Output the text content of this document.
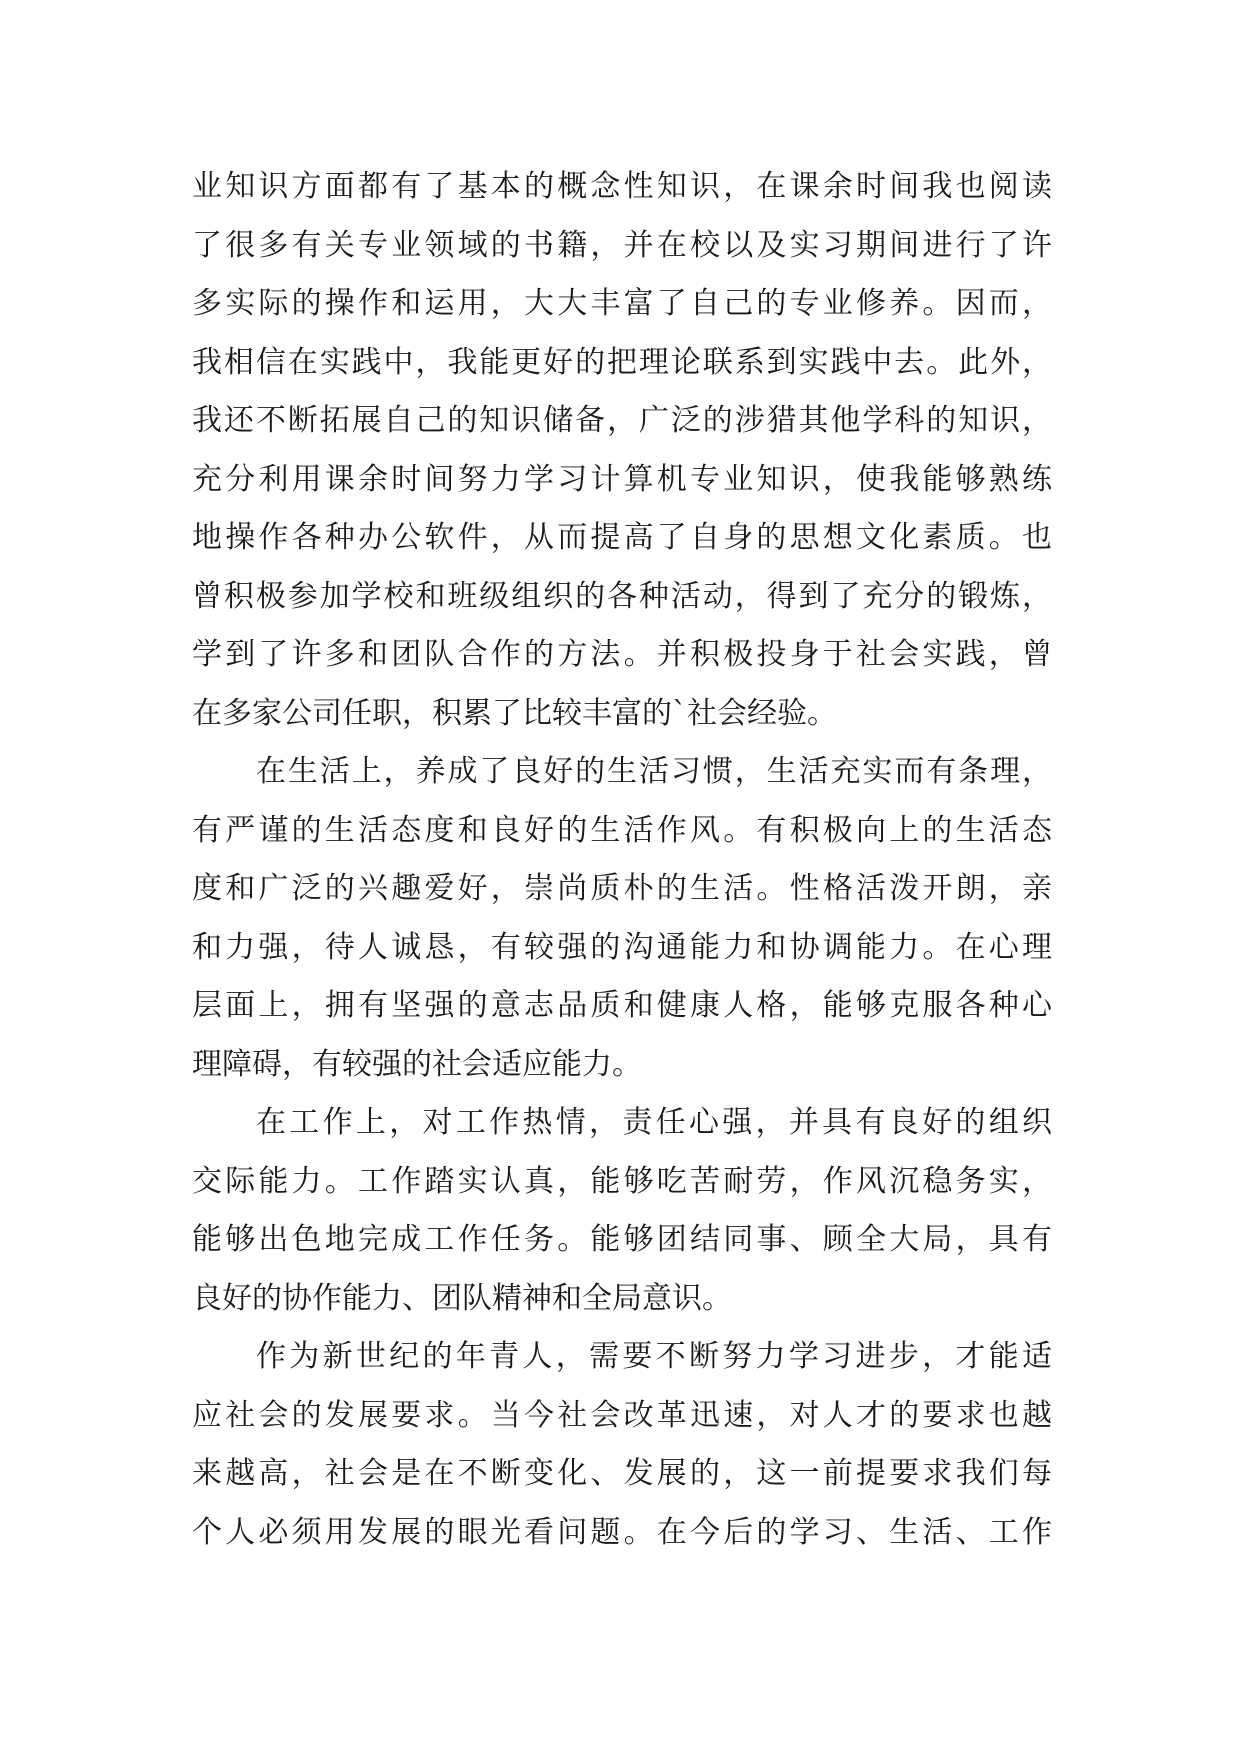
业知识方面都有了基本的概念性知识，在课余时间我也阅读
了很多有关专业领域的书籍，并在校以及实习期间进行了许
多实际的操作和运用，大大丰富了自己的专业修养。因而，
我相信在实践中，我能更好的把理论联系到实践中去。此外，
我还不断拓展自己的知识储备，广泛的涉猎其他学科的知识，
充分利用课余时间努力学习计算机专业知识，使我能够熟练
地操作各种办公软件，从而提高了自身的思想文化素质。也
曾积极参加学校和班级组织的各种活动，得到了充分的锻炼，
学到了许多和团队合作的方法。并积极投身于社会实践，曾
在多家公司任职，积累了比较丰富的`社会经验。
在生活上，养成了良好的生活习惯，生活充实而有条理，
有严谨的生活态度和良好的生活作风。有积极向上的生活态
度和广泛的兴趣爱好，崇尚质朴的生活。性格活泼开朗，亲
和力强，待人诚恳，有较强的沟通能力和协调能力。在心理
层面上，拥有坚强的意志品质和健康人格，能够克服各种心
理障碍，有较强的社会适应能力。
在工作上，对工作热情，责任心强，并具有良好的组织
交际能力。工作踏实认真，能够吃苦耐劳，作风沉稳务实，
能够出色地完成工作任务。能够团结同事、顾全大局，具有
良好的协作能力、团队精神和全局意识。
作为新世纪的年青人，需要不断努力学习进步，才能适
应社会的发展要求。当今社会改革迅速，对人才的要求也越
来越高，社会是在不断变化、发展的，这一前提要求我们每
个人必须用发展的眼光看问题。在今后的学习、生活、工作
